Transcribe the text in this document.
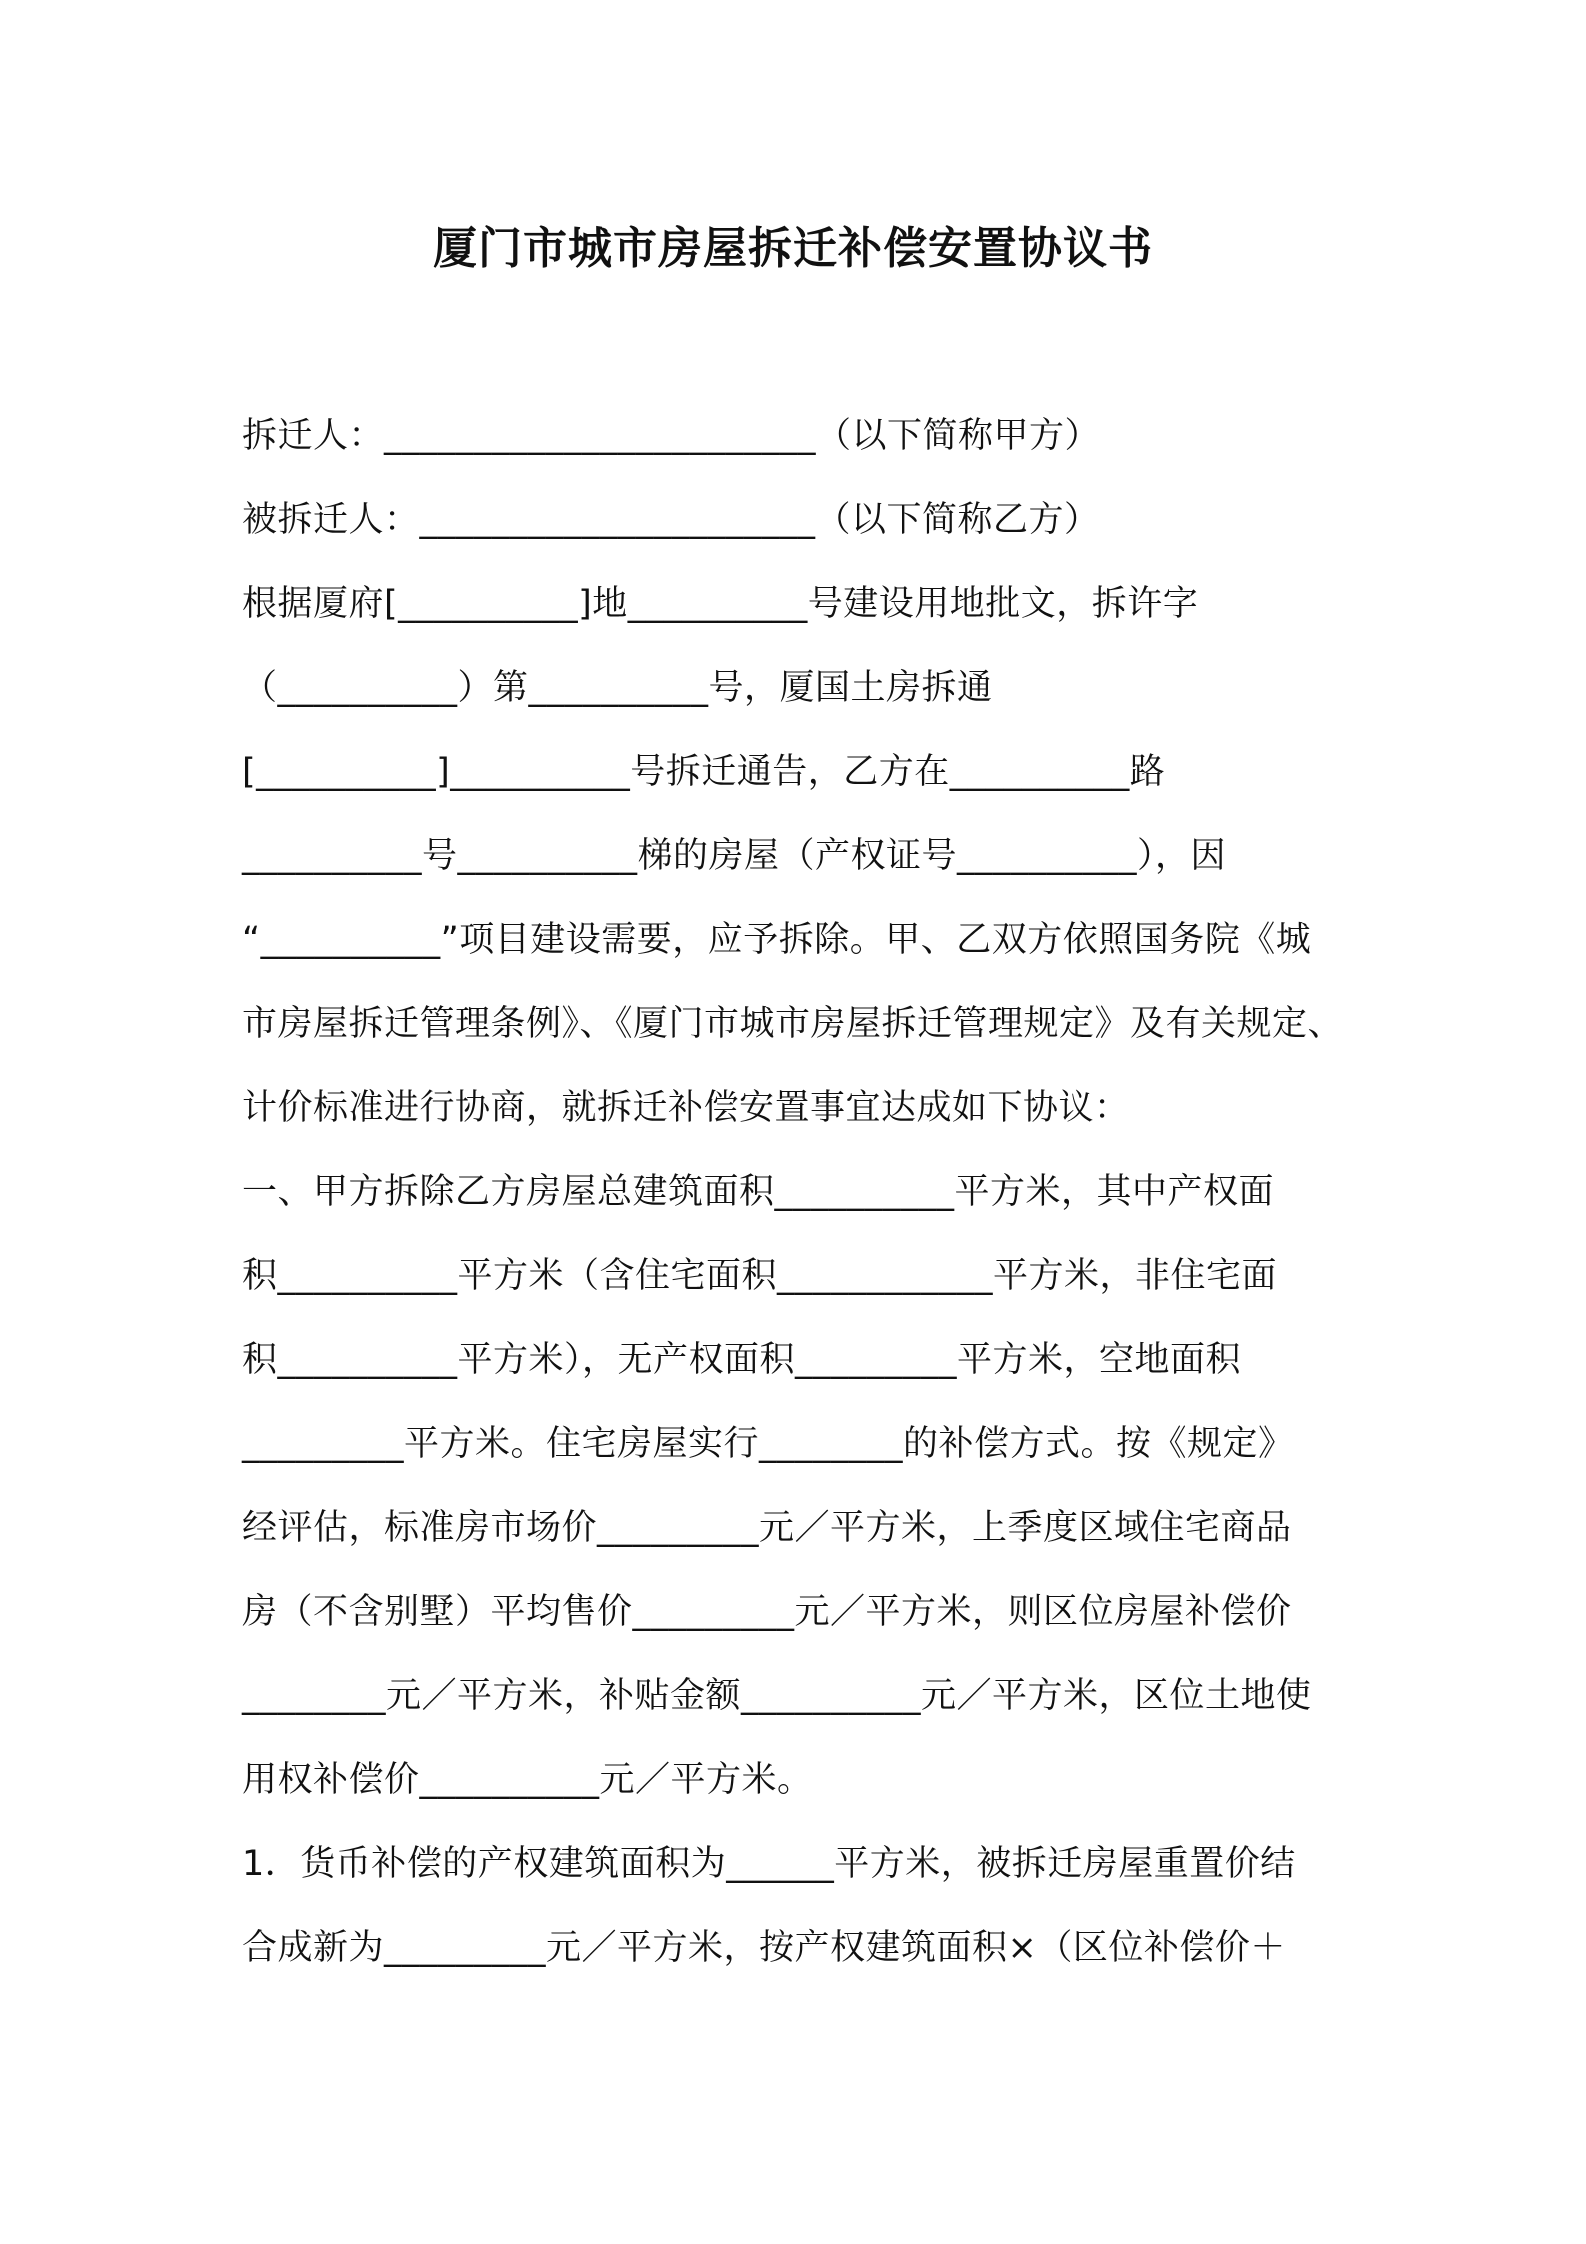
厦门市城市房屋拆迁补偿安置协议书
拆迁人：________________________（以下简称甲方）
被拆迁人：______________________（以下简称乙方）
根据厦府[__________]地__________号建设用地批文，拆许字
（__________）第__________号，厦国土房拆通
[__________]__________号拆迁通告，乙方在__________路
__________号__________梯的房屋（产权证号__________），因
“__________”项目建设需要，应予拆除。甲、乙双方依照国务院《城
市房屋拆迁管理条例》、《厦门市城市房屋拆迁管理规定》及有关规定、
计价标准进行协商，就拆迁补偿安置事宜达成如下协议：
一、甲方拆除乙方房屋总建筑面积__________平方米，其中产权面
积__________平方米（含住宅面积____________平方米，非住宅面
积__________平方米），无产权面积_________平方米，空地面积
_________平方米。住宅房屋实行________的补偿方式。按《规定》
经评估，标准房市场价_________元／平方米，上季度区域住宅商品
房（不含别墅）平均售价_________元／平方米，则区位房屋补偿价
________元／平方米，补贴金额__________元／平方米，区位土地使
用权补偿价__________元／平方米。
1．货币补偿的产权建筑面积为______平方米，被拆迁房屋重置价结
合成新为_________元／平方米，按产权建筑面积×（区位补偿价＋
